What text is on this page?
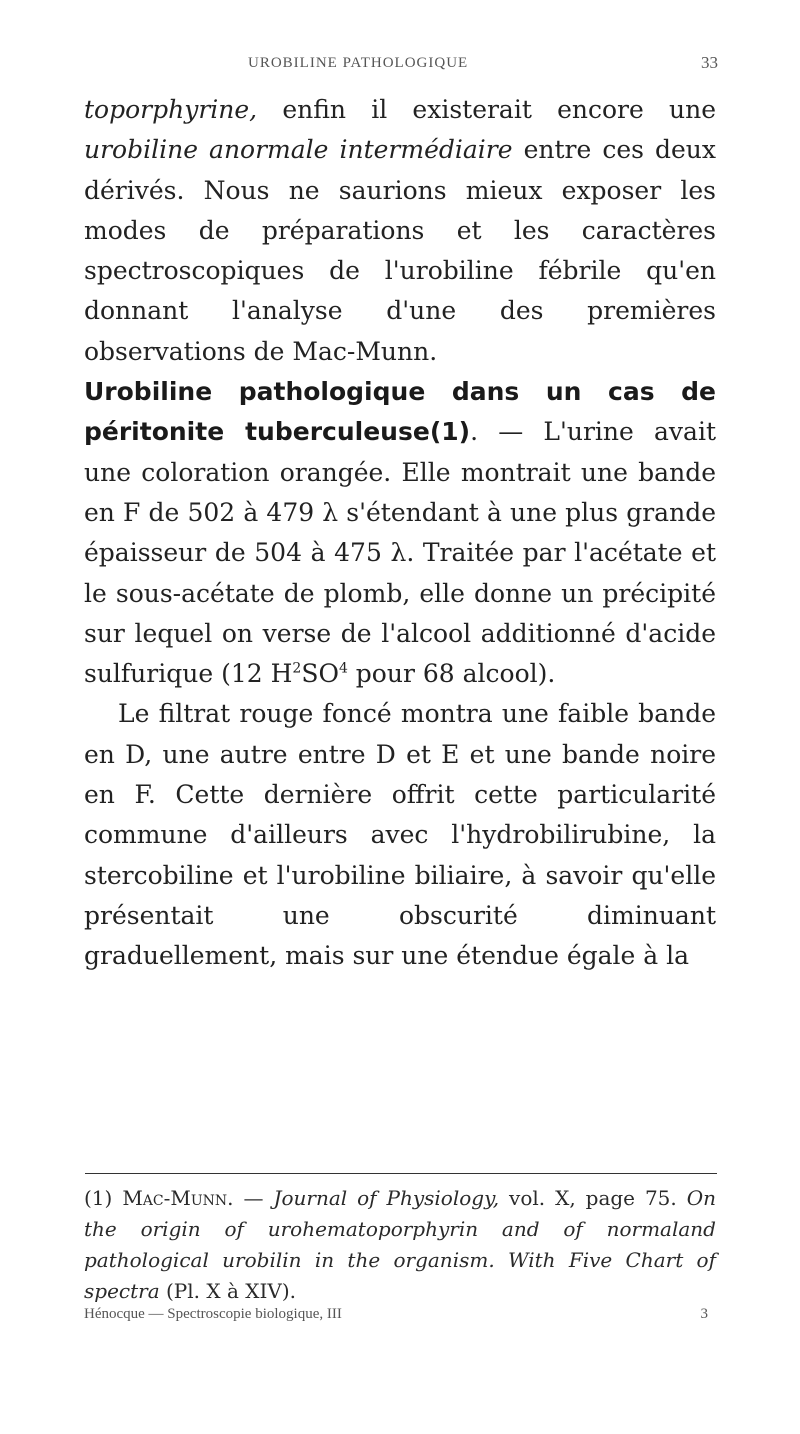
UROBILINE PATHOLOGIQUE	33

toporphyrine, enfin il existerait encore une urobiline anormale intermédiaire entre ces deux dérivés. Nous ne saurions mieux exposer les modes de préparations et les caractères spectroscopiques de l'urobiline fébrile qu'en donnant l'analyse d'une des premières observations de Mac-Munn.

Urobiline pathologique dans un cas de péritonite tuberculeuse(1). — L'urine avait une coloration orangée. Elle montrait une bande en F de 502 à 479 λ s'étendant à une plus grande épaisseur de 504 à 475 λ. Traitée par l'acétate et le sous-acétate de plomb, elle donne un précipité sur lequel on verse de l'alcool additionné d'acide sulfurique (12 $H^2SO^4$ pour 68 alcool).

Le filtrat rouge foncé montra une faible bande en D, une autre entre D et E et une bande noire en F. Cette dernière offrit cette particularité commune d'ailleurs avec l'hydrobilirubine, la stercobiline et l'urobiline biliaire, à savoir qu'elle présentait une obscurité diminuant graduellement, mais sur une étendue égale à la

(1) Mac-Munn. — Journal of Physiology, vol. X, page 75. On the origin of urohematoporphyrin and of normaland pathological urobilin in the organism. With Five Chart of spectra (Pl. X à XIV).
Hénocque — Spectroscopie biologique, III	3
